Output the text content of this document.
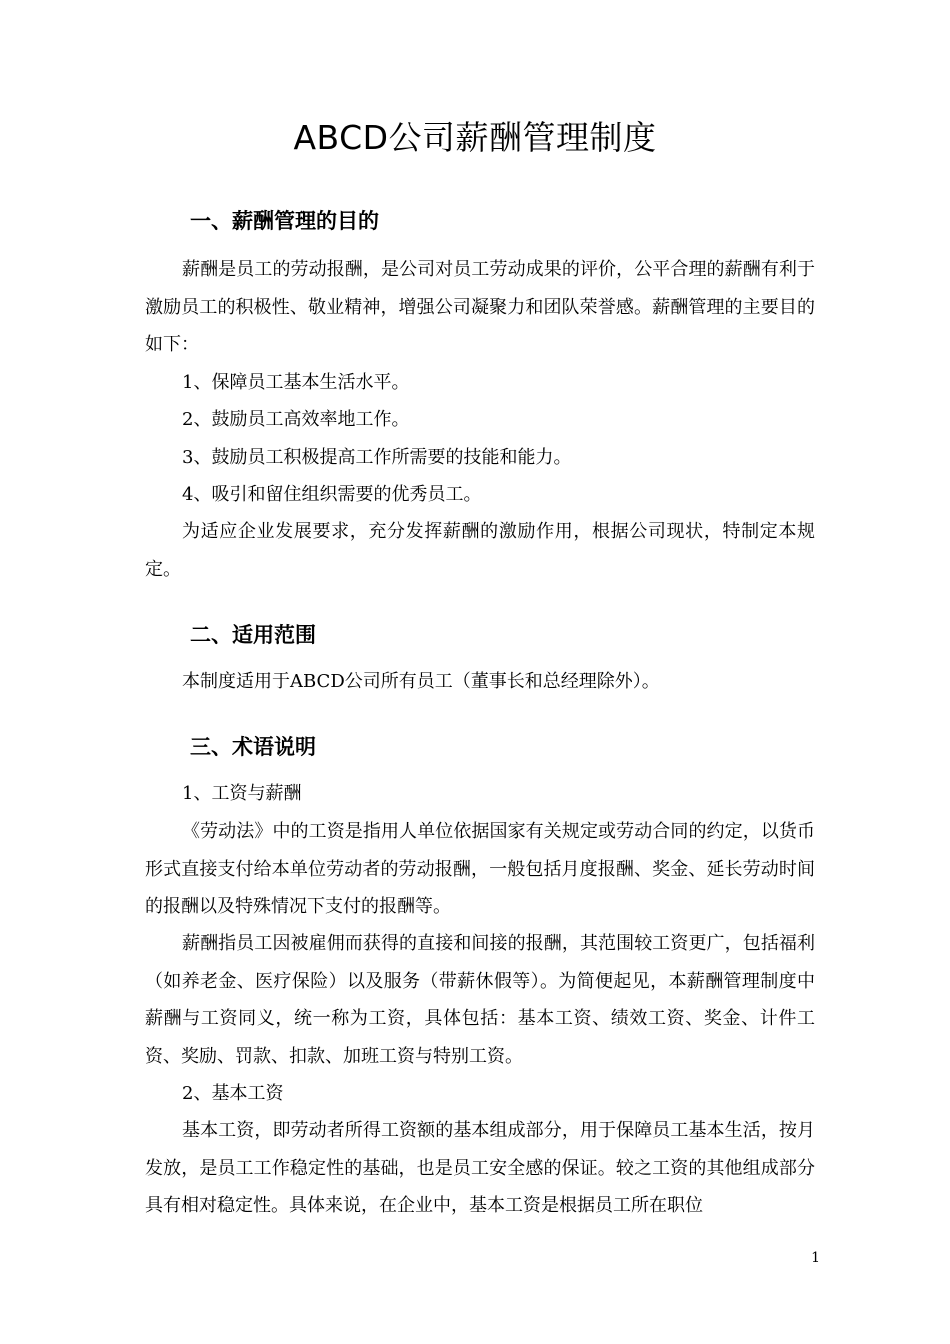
ABCD公司薪酬管理制度
一、薪酬管理的目的
薪酬是员工的劳动报酬，是公司对员工劳动成果的评价，公平合理的薪酬有利于激励员工的积极性、敬业精神，增强公司凝聚力和团队荣誉感。薪酬管理的主要目的如下：
1、保障员工基本生活水平。
2、鼓励员工高效率地工作。
3、鼓励员工积极提高工作所需要的技能和能力。
4、吸引和留住组织需要的优秀员工。
为适应企业发展要求，充分发挥薪酬的激励作用，根据公司现状，特制定本规定。
二、适用范围
本制度适用于ABCD公司所有员工（董事长和总经理除外）。
三、术语说明
1、工资与薪酬
《劳动法》中的工资是指用人单位依据国家有关规定或劳动合同的约定，以货币形式直接支付给本单位劳动者的劳动报酬，一般包括月度报酬、奖金、延长劳动时间的报酬以及特殊情况下支付的报酬等。
薪酬指员工因被雇佣而获得的直接和间接的报酬，其范围较工资更广，包括福利（如养老金、医疗保险）以及服务（带薪休假等）。为简便起见，本薪酬管理制度中薪酬与工资同义，统一称为工资，具体包括：基本工资、绩效工资、奖金、计件工资、奖励、罚款、扣款、加班工资与特别工资。
2、基本工资
基本工资，即劳动者所得工资额的基本组成部分，用于保障员工基本生活，按月发放，是员工工作稳定性的基础，也是员工安全感的保证。较之工资的其他组成部分具有相对稳定性。具体来说，在企业中，基本工资是根据员工所在职位
1
